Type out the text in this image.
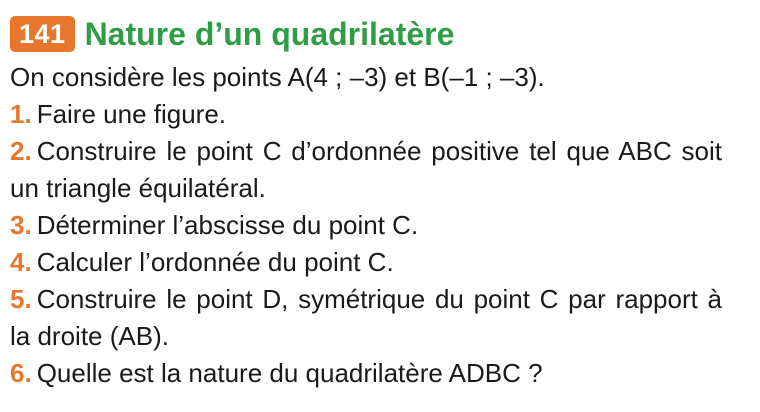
141 Nature d’un quadrilatère

On considère les points A(4 ; –3) et B(–1 ; –3).

1. Faire une figure.

2. Construire le point C d’ordonnée positive tel que ABC soit un triangle équilatéral.

3. Déterminer l’abscisse du point C.

4. Calculer l’ordonnée du point C.

5. Construire le point D, symétrique du point C par rapport à la droite (AB).

6. Quelle est la nature du quadrilatère ADBC ?
